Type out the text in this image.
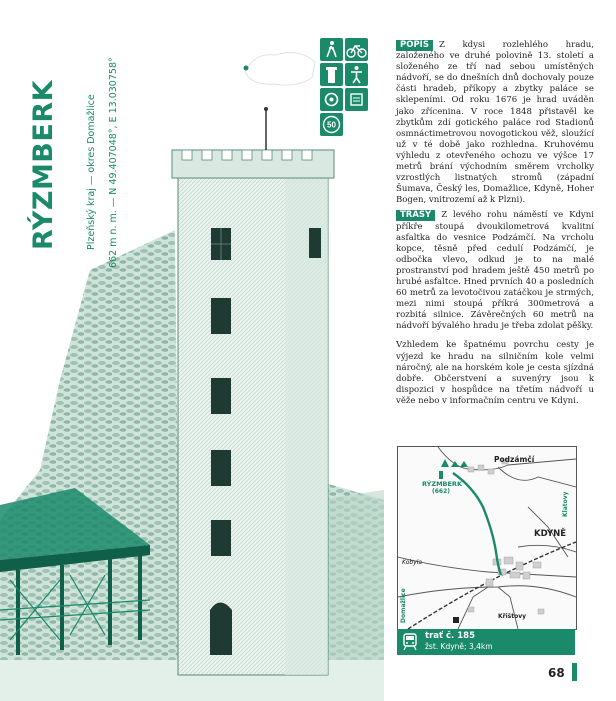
RÝZMBERK	Plzeňský kraj — okres Domažlice 662 m n. m. — N 49.407048°, E 13.030758°	50

POPIS Z kdysi rozlehlého hradu, založeného ve druhé polovině 13. století a složeného ze tří nad sebou umístěných nádvoří, se do dnešních dnů dochovaly pouze části hradeb, příkopy a zbytky paláce se sklepeními. Od roku 1676 je hrad uváděn jako zřícenina. V roce 1848 přistavěl ke zbytkům zdí gotického paláce rod Stadionů osmnáctimetrovou novogotickou věž, sloužící už v té době jako rozhledna. Kruhovému výhledu z otevřeného ochozu ve výšce 17 metrů brání východním směrem vrcholky vzrostlých listnatých stromů (západní Šumava, Český les, Domažlice, Kdyně, Hoher Bogen, vnitrozemí až k Plzni).

TRASY Z levého rohu náměstí ve Kdyni příkře stoupá dvoukilometrová kvalitní asfaltka do vesnice Podzámčí. Na vrcholu kopce, těsně před cedulí Podzámčí, je odbočka vlevo, odkud je to na malé prostranství pod hradem ještě 450 metrů po hrubé asfaltce. Hned prvních 40 a posledních 60 metrů za levotočivou zatáčkou je strmých, mezi nimi stoupá příkrá 300metrová a rozbitá silnice. Závěrečných 60 metrů na nádvoří bývalého hradu je třeba zdolat pěšky.

Vzhledem ke špatnému povrchu cesty je výjezd ke hradu na silničním kole velmi náročný, ale na horském kole je cesta sjízdná dobře. Občerstvení a suvenýry jsou k dispozici v hospůdce na třetím nádvoří u věže nebo v informačním centru ve Kdyni.

Podzámčí
RÝZMBERK
(662)
KDYNĚ
Kobyla
Domažlice	Křištovy
Klatovy
trať č. 185
žst. Kdyně; 3,4km
68
